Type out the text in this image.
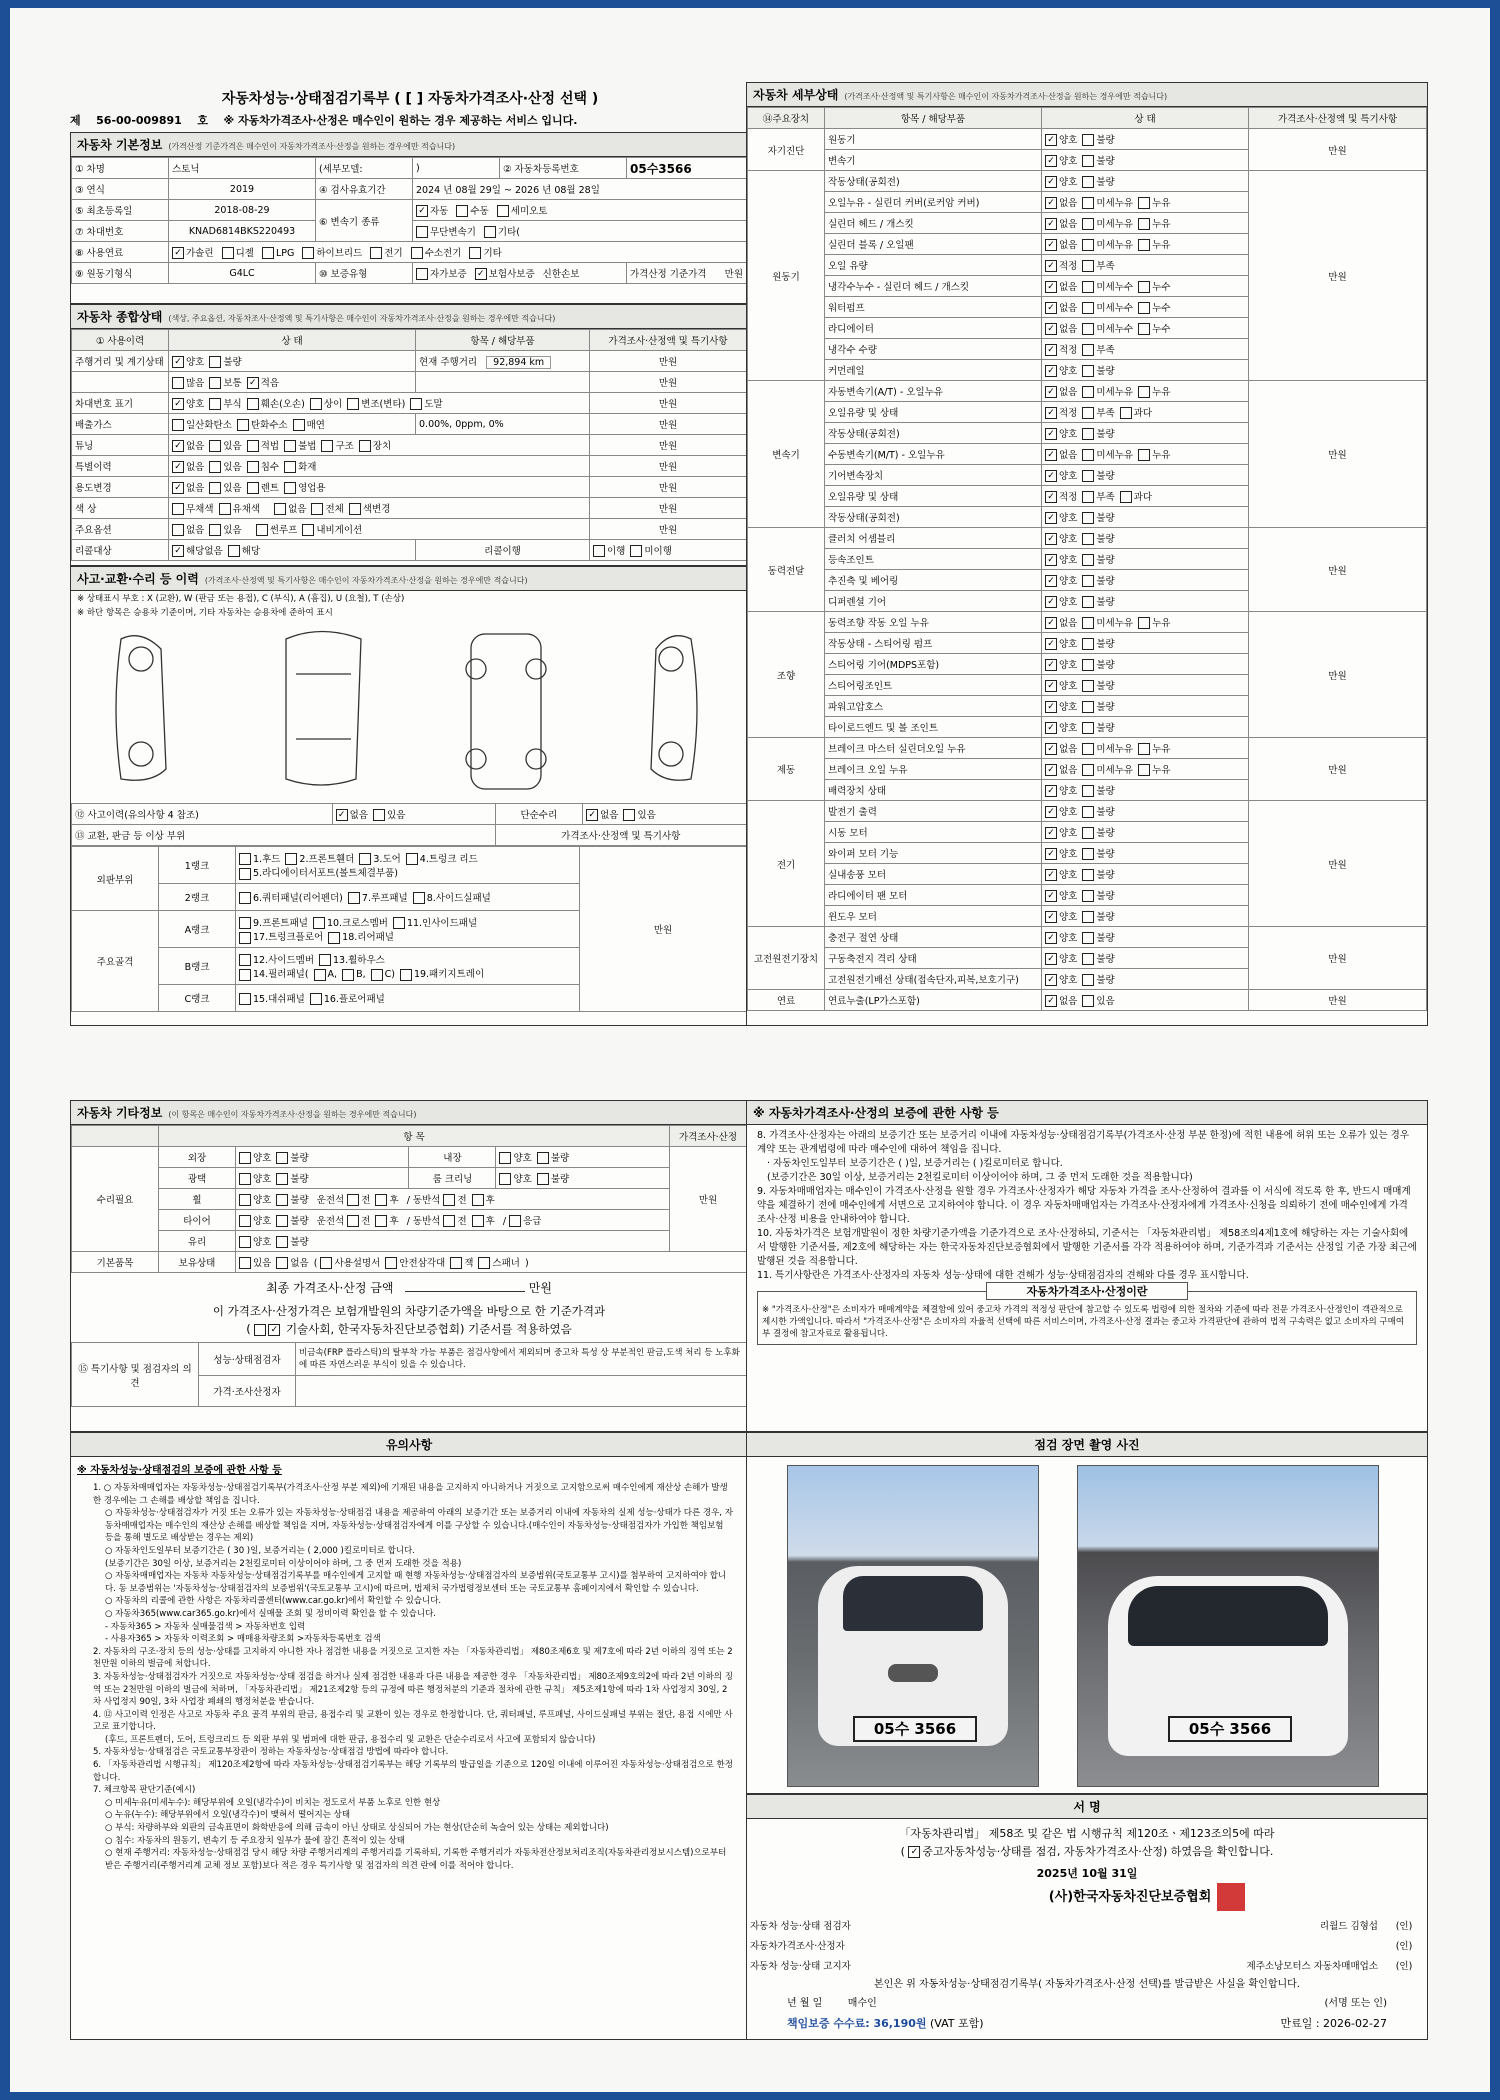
자동차성능·상태점검기록부 ( [ ] 자동차가격조사·산정 선택 )
제 56-00-009891 호 ※ 자동차가격조사·산정은 매수인이 원하는 경우 제공하는 서비스 입니다.
자동차 기본정보 (가격산정 기준가격은 매수인이 자동차가격조사·산정을 원하는 경우에만 적습니다)
① 차명	스토닉	(세부모델:	)	② 자동차등록번호	05수3566
③ 연식	2019	④ 검사유효기간	2024 년 08월 29일 ~ 2026 년 08월 28일		
⑤ 최초등록일	2018-08-29	⑥ 변속기 종류	✓자동 수동 세미오토
⑦ 차대번호	KNAD6814BKS220493		무단변속기 기타(		
⑧ 사용연료	✓가솔린 디젤 LPG 하이브리드 전기 수소전기 기타
⑨ 원동기형식	G4LC	⑩ 보증유형	자가보증 ✓ 보험사보증 신한손보		가격산정 기준가격 만원
자동차 종합상태 (색상, 주요옵션, 자동차조사·산정액 및 특기사항은 매수인이 자동차가격조사·산정을 원하는 경우에만 적습니다)
① 사용이력	상 태	항목 / 해당부품	가격조사·산정액 및 특기사항
주행거리 및 계기상태	✓양호 불량	현재 주행거리 92,894 km	만원
	많음 보통 ✓ 적음		만원
차대번호 표기	✓양호 부식 훼손(오손) 상이 변조(변타) 도말		만원
배출가스	일산화탄소 탄화수소 매연	0.00%, 0ppm, 0%	만원
튜닝	✓없음 있음 적법 불법 구조 장치		만원
특별이력	✓없음 있음 침수 화재		만원
용도변경	✓없음 있음 렌트 영업용		만원
색 상	무채색 유채색 없음 전체 색변경		만원
주요옵션	없음 있음 썬루프 내비게이션		만원
리콜대상	✓해당없음 해당	리콜이행	이행 미이행
사고·교환·수리 등 이력 (가격조사·산정액 및 특기사항은 매수인이 자동차가격조사·산정을 원하는 경우에만 적습니다)
※ 상태표시 부호 : X (교환), W (판금 또는 용접), C (부식), A (흠집), U (요철), T (손상)
※ 하단 항목은 승용차 기준이며, 기타 자동차는 승용차에 준하여 표시
⑫ 사고이력(유의사항 4 참조)	✓없음 있음	단순수리	✓없음 있음
⑬ 교환, 판금 등 이상 부위		가격조사·산정액 및 특기사항	
외판부위	1랭크	1.후드 2.프론트휀더 3.도어 4.트렁크 리드
5.라디에이터서포트(볼트체결부품)	만원
	2랭크	6.쿼터패널(리어펜더) 7.루프패널 8.사이드실패널	
주요골격	A랭크	9.프론트패널 10.크로스멤버 11.인사이드패널
17.트렁크플로어 18.리어패널	
	B랭크	12.사이드멤버 13.휠하우스
14.필러패널( A, B, C) 19.패키지트레이	
	C랭크	15.대쉬패널 16.플로어패널	
자동차 세부상태 (가격조사·산정액 및 특기사항은 매수인이 자동차가격조사·산정을 원하는 경우에만 적습니다)
⑭주요장치	항목 / 해당부품	상 태	가격조사·산정액 및 특기사항
자기진단	원동기	✓양호 불량	만원
	변속기	✓양호 불량
원동기	작동상태(공회전)	✓양호 불량	만원
	오일누유 - 실린더 커버(로커암 커버)	✓없음 미세누유 누유
	실린더 헤드 / 개스킷	✓없음 미세누유 누유
	실린더 블록 / 오일팬	✓없음 미세누유 누유
	오일 유량	✓적정 부족
	냉각수누수 - 실린더 헤드 / 개스킷	✓없음 미세누수 누수
	워터펌프	✓없음 미세누수 누수
	라디에이터	✓없음 미세누수 누수
	냉각수 수량	✓적정 부족
	커먼레일	✓양호 불량
변속기	자동변속기(A/T) - 오일누유	✓없음 미세누유 누유	만원
	오일유량 및 상태	✓적정 부족 과다
	작동상태(공회전)	✓양호 불량
	수동변속기(M/T) - 오일누유	✓없음 미세누유 누유
	기어변속장치	✓양호 불량
	오일유량 및 상태	✓적정 부족 과다
	작동상태(공회전)	✓양호 불량
동력전달	클러치 어셈블리	✓양호 불량	만원
	등속조인트	✓양호 불량
	추진축 및 베어링	✓양호 불량
	디퍼렌셜 기어	✓양호 불량
조향	동력조향 작동 오일 누유	✓없음 미세누유 누유	만원
	작동상태 - 스티어링 펌프	✓양호 불량
	스티어링 기어(MDPS포함)	✓양호 불량
	스티어링조인트	✓양호 불량
	파워고압호스	✓양호 불량
	타이로드엔드 및 볼 조인트	✓양호 불량
제동	브레이크 마스터 실린더오일 누유	✓없음 미세누유 누유	만원
	브레이크 오일 누유	✓없음 미세누유 누유
	배력장치 상태	✓양호 불량
전기	발전기 출력	✓양호 불량	만원
	시동 모터	✓양호 불량
	와이퍼 모터 기능	✓양호 불량
	실내송풍 모터	✓양호 불량
	라디에이터 팬 모터	✓양호 불량
	윈도우 모터	✓양호 불량
고전원전기장치	충전구 절연 상태	✓양호 불량	만원
	구동축전지 격리 상태	✓양호 불량
	고전원전기배선 상태(접속단자,피복,보호기구)	✓양호 불량
연료	연료누출(LP가스포함)	✓없음 있음	만원
자동차 기타정보 (이 항목은 매수인이 자동차가격조사·산정을 원하는 경우에만 적습니다)
	항 목				가격조사·산정
수리필요	외장	양호 불량	내장	양호 불량	만원
	광택	양호 불량	룸 크리닝	양호 불량	
	휠	양호 불량 운전석 전 후 / 동반석 전 후			
	타이어	양호 불량 운전석 전 후 / 동반석 전 후 / 응급			
	유리	양호 불량			
기본품목	보유상태	있음 없음 ( 사용설명서 안전삼각대 잭 스패너 )			
최종 가격조사·산정 금액	만원
이 가격조사·산정가격은 보험개발원의 차량기준가액을 바탕으로 한 기준가격과
( ✓	기술사회, 한국자동차진단보증협회) 기준서를 적용하였음
⑮ 특기사항 및 점검자의 의견	성능·상태점검자	비금속(FRP 플라스틱)의 탈부착 가능 부품은 점검사항에서 제외되며 중고차 특성 상 부분적인 판금,도색 처리 등 노후화에 따른 자연스러운 부식이 있을 수 있습니다.
	가격·조사산정자	
※ 자동차가격조사·산정의 보증에 관한 사항 등
8. 가격조사·산정자는 아래의 보증기간 또는 보증거리 이내에 자동차성능·상태점검기록부(가격조사·산정 부분 한정)에 적힌 내용에 허위 또는 오류가 있는 경우 계약 또는 관계법령에 따라 매수인에 대하여 책임을 집니다.
· 자동차인도일부터 보증기간은 ( )일, 보증거리는 ( )킬로미터로 합니다.
(보증기간은 30일 이상, 보증거리는 2천킬로미터 이상이어야 하며, 그 중 먼저 도래한 것을 적용합니다)
9. 자동차매매업자는 매수인이 가격조사·산정을 원할 경우 가격조사·산정자가 해당 자동차 가격을 조사·산정하여 결과를 이 서식에 적도록 한 후, 반드시 매매계약을 체결하기 전에 매수인에게 서면으로 고지하여야 합니다. 이 경우 자동차매매업자는 가격조사·산정자에게 가격조사·신청을 의뢰하기 전에 매수인에게 가격조사·산정 비용을 안내하여야 합니다.
10. 자동차가격은 보험개발원이 정한 차량기준가액을 기준가격으로 조사·산정하되, 기준서는 「자동차관리법」 제58조의4제1호에 해당하는 자는 기술사회에서 발행한 기준서를, 제2호에 해당하는 자는 한국자동차진단보증협회에서 발행한 기준서를 각각 적용하여야 하며, 기준가격과 기준서는 산정일 기준 가장 최근에 발행된 것을 적용합니다.
11. 특기사항란은 가격조사·산정자의 자동차 성능·상태에 대한 견해가 성능·상태점검자의 견해와 다를 경우 표시합니다.
자동차가격조사·산정이란
※ "가격조사·산정"은 소비자가 매매계약을 체결함에 있어 중고차 가격의 적정성 판단에 참고할 수 있도록 법령에 의한 절차와 기준에 따라 전문 가격조사·산정인이 객관적으로 제시한 가액입니다. 따라서 "가격조사·산정"은 소비자의 자율적 선택에 따른 서비스이며, 가격조사·산정 결과는 중고차 가격판단에 관하여 법적 구속력은 없고 소비자의 구매여부 결정에 참고자료로 활용됩니다.
유의사항
※ 자동차성능·상태점검의 보증에 관한 사항 등
1. ○ 자동차매매업자는 자동차성능·상태점검기록부(가격조사·산정 부분 제외)에 기재된 내용을 고지하지 아니하거나 거짓으로 고지함으로써 매수인에게 재산상 손해가 발생한 경우에는 그 손해를 배상할 책임을 집니다.
○ 자동차성능·상태점검자가 거짓 또는 오류가 있는 자동차성능·상태점검 내용을 제공하여 아래의 보증기간 또는 보증거리 이내에 자동차의 실제 성능·상태가 다른 경우, 자동차매매업자는 매수인의 재산상 손해를 배상할 책임을 지며, 자동차성능·상태점검자에게 이를 구상할 수 있습니다.(매수인이 자동차성능·상태점검자가 가입한 책임보험 등을 통해 별도로 배상받는 경우는 제외)
○ 자동차인도일부터 보증기간은 ( 30 )일, 보증거리는 ( 2,000 )킬로미터로 합니다.
(보증기간은 30일 이상, 보증거리는 2천킬로미터 이상이어야 하며, 그 중 먼저 도래한 것을 적용)
○ 자동차매매업자는 자동차 자동차성능·상태점검기록부를 매수인에게 고지할 때 현행 자동차성능·상태점검자의 보증범위(국토교통부 고시)를 첨부하여 고지하여야 합니다. 동 보증범위는 '자동차성능·상태점검자의 보증범위'(국토교통부 고시)에 따르며, 법제처 국가법령정보센터 또는 국토교통부 홈페이지에서 확인할 수 있습니다.
○ 자동차의 리콜에 관한 사항은 자동차리콜센터(www.car.go.kr)에서 확인할 수 있습니다.
○ 자동차365(www.car365.go.kr)에서 실매물 조회 및 정비이력 확인을 할 수 있습니다.
- 자동차365 > 자동차 실매물검색 > 자동차번호 입력
- 사용자365 > 자동차 이력조회 > 매매용차량조회 >자동차등록번호 검색
2. 자동차의 구조·장치 등의 성능·상태를 고지하지 아니한 자나 점검한 내용을 거짓으로 고지한 자는 「자동차관리법」 제80조제6호 및 제7호에 따라 2년 이하의 징역 또는 2천만원 이하의 벌금에 처합니다.
3. 자동차성능·상태점검자가 거짓으로 자동차성능·상태 점검을 하거나 실제 점검한 내용과 다른 내용을 제공한 경우 「자동차관리법」 제80조제9호의2에 따라 2년 이하의 징역 또는 2천만원 이하의 벌금에 처하며, 「자동차관리법」 제21조제2항 등의 규정에 따른 행정처분의 기준과 절차에 관한 규칙」 제5조제1항에 따라 1차 사업정지 30일, 2차 사업정지 90일, 3차 사업장 폐쇄의 행정처분을 받습니다.
4. ⑫ 사고이력 인정은 사고로 자동차 주요 골격 부위의 판금, 용접수리 및 교환이 있는 경우로 한정합니다. 단, 쿼터패널, 루프패널, 사이드실패널 부위는 절단, 용접 시에만 사고로 표기합니다.
(후드, 프론트펜더, 도어, 트렁크리드 등 외판 부위 및 범퍼에 대한 판금, 용접수리 및 교환은 단순수리로서 사고에 포함되지 않습니다)
5. 자동차성능·상태점검은 국토교통부장관이 정하는 자동차성능·상태점검 방법에 따라야 합니다.
6. 「자동차관리법 시행규칙」 제120조제2항에 따라 자동차성능·상태점검기록부는 해당 기록부의 발급일을 기준으로 120일 이내에 이루어진 자동차성능·상태점검으로 한정합니다.
7. 체크항목 판단기준(예시)
○ 미세누유(미세누수): 해당부위에 오일(냉각수)이 비치는 정도로서 부품 노후로 인한 현상
○ 누유(누수): 해당부위에서 오일(냉각수)이 맺혀서 떨어지는 상태
○ 부식: 차량하부와 외판의 금속표면이 화학반응에 의해 금속이 아닌 상태로 상실되어 가는 현상(단순히 녹슬어 있는 상태는 제외합니다)
○ 침수: 자동차의 원동기, 변속기 등 주요장치 일부가 물에 잠긴 흔적이 있는 상태
○ 현재 주행거리: 자동차성능·상태점검 당시 해당 차량 주행거리계의 주행거리를 기록하되, 기록한 주행거리가 자동차전산정보처리조직(자동차관리정보시스템)으로부터 받은 주행거리(주행거리계 교체 정보 포함)보다 적은 경우 특기사항 및 점검자의 의견 란에 이를 적어야 합니다.
점검 장면 촬영 사진
05수 3566	05수 3566
서 명
「자동차관리법」 제58조 및 같은 법 시행규칙 제120조ㆍ제123조의5에 따라
( ✓중고자동차성능·상태를 점검, 자동차가격조사·산정) 하였음을 확인합니다.
2025년 10월 31일
(사)한국자동차진단보증협회
자동차 성능·상태 점검자	리월드 김형섭	(인)
자동차가격조사·산정자		(인)
자동차 성능·상태 고지자	제주소낭모터스 자동차매매업소	(인)
본인은 위 자동차성능·상태점검기록부( 자동차가격조사·산정 선택)를 발급받은 사실을 확인합니다.
년 월 일	매수인	(서명 또는 인)
책임보증 수수료: 36,190원 (VAT 포함)	만료일 : 2026-02-27
